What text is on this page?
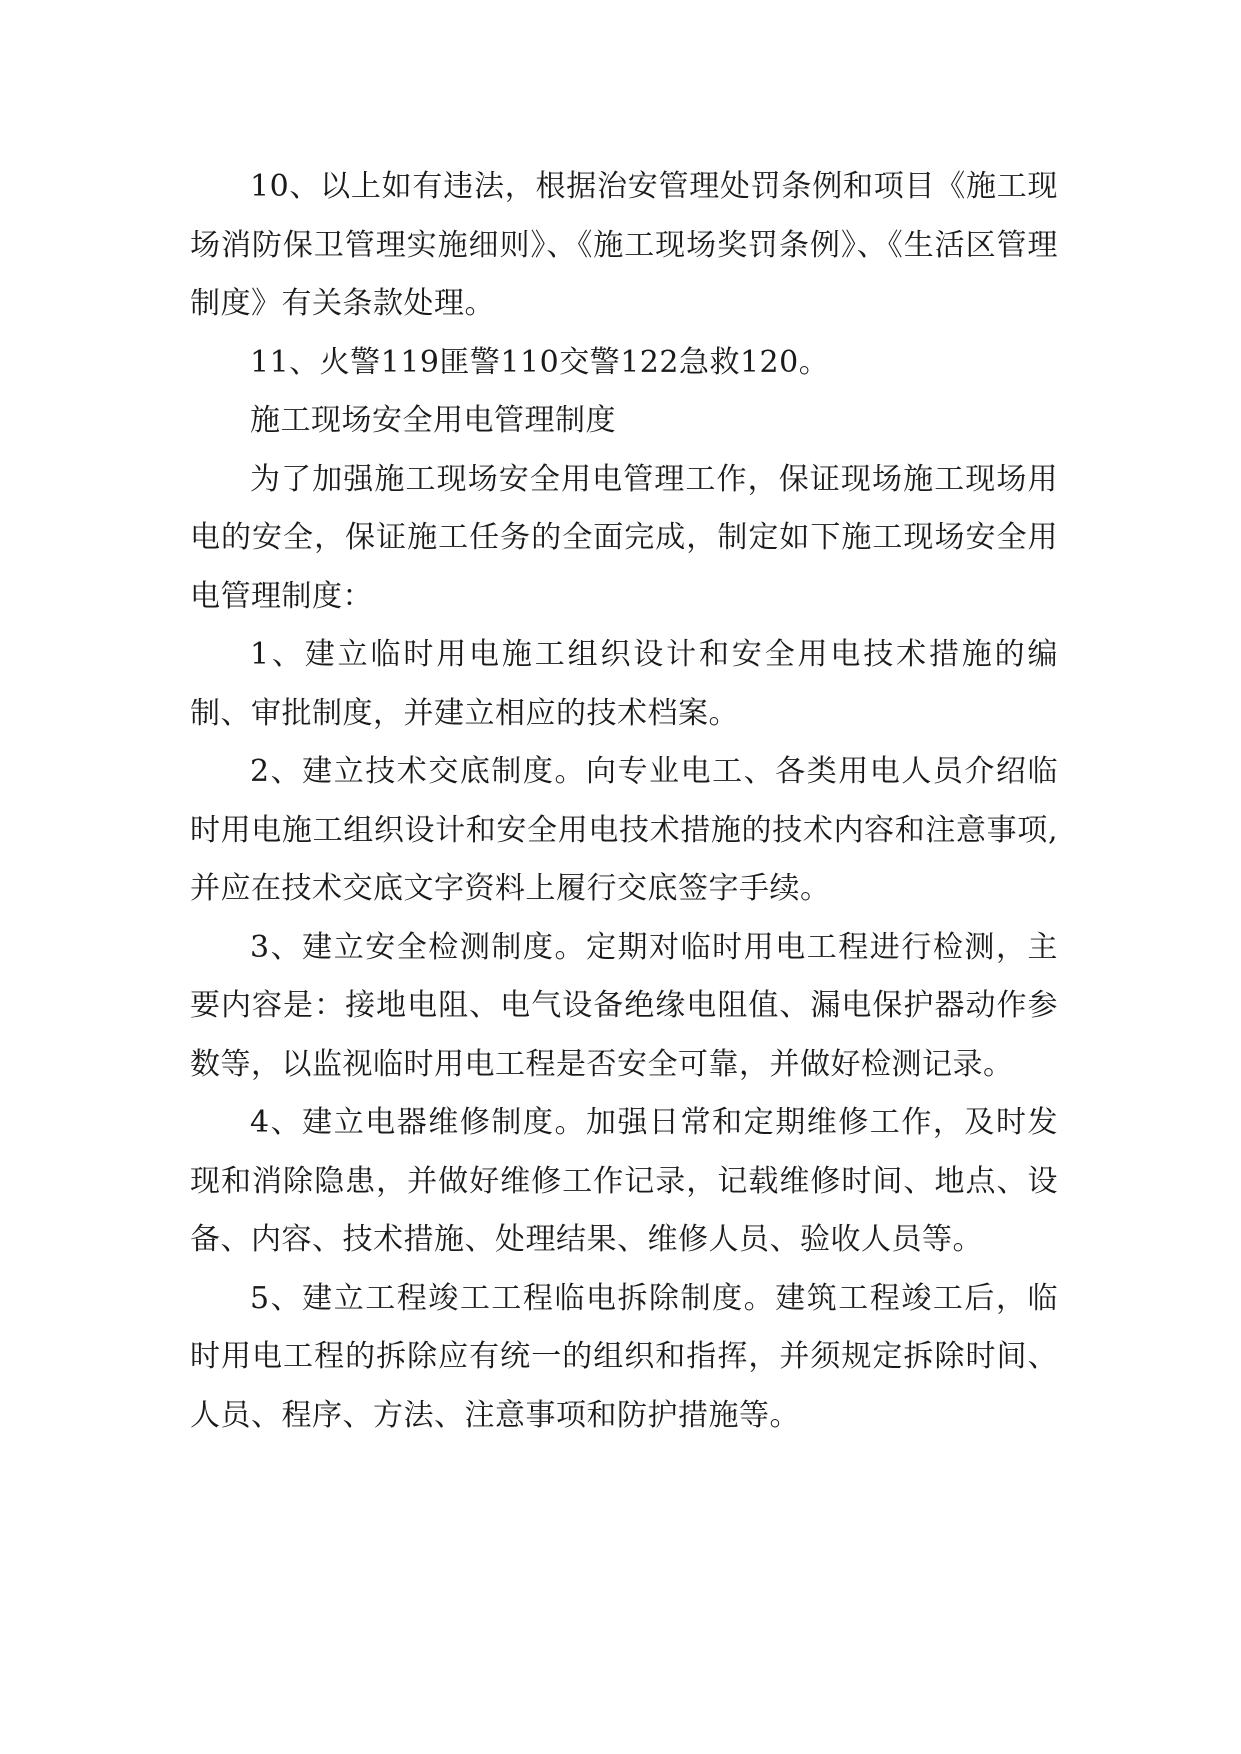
10、以上如有违法，根据治安管理处罚条例和项目《施工现场消防保卫管理实施细则》、《施工现场奖罚条例》、《生活区管理制度》有关条款处理。

11、火警119匪警110交警122急救120。

施工现场安全用电管理制度

为了加强施工现场安全用电管理工作，保证现场施工现场用电的安全，保证施工任务的全面完成，制定如下施工现场安全用电管理制度：

1、建立临时用电施工组织设计和安全用电技术措施的编制、审批制度，并建立相应的技术档案。

2、建立技术交底制度。向专业电工、各类用电人员介绍临时用电施工组织设计和安全用电技术措施的技术内容和注意事项,并应在技术交底文字资料上履行交底签字手续。

3、建立安全检测制度。定期对临时用电工程进行检测，主要内容是：接地电阻、电气设备绝缘电阻值、漏电保护器动作参数等，以监视临时用电工程是否安全可靠，并做好检测记录。

4、建立电器维修制度。加强日常和定期维修工作，及时发现和消除隐患，并做好维修工作记录，记载维修时间、地点、设备、内容、技术措施、处理结果、维修人员、验收人员等。

5、建立工程竣工工程临电拆除制度。建筑工程竣工后，临时用电工程的拆除应有统一的组织和指挥，并须规定拆除时间、人员、程序、方法、注意事项和防护措施等。
